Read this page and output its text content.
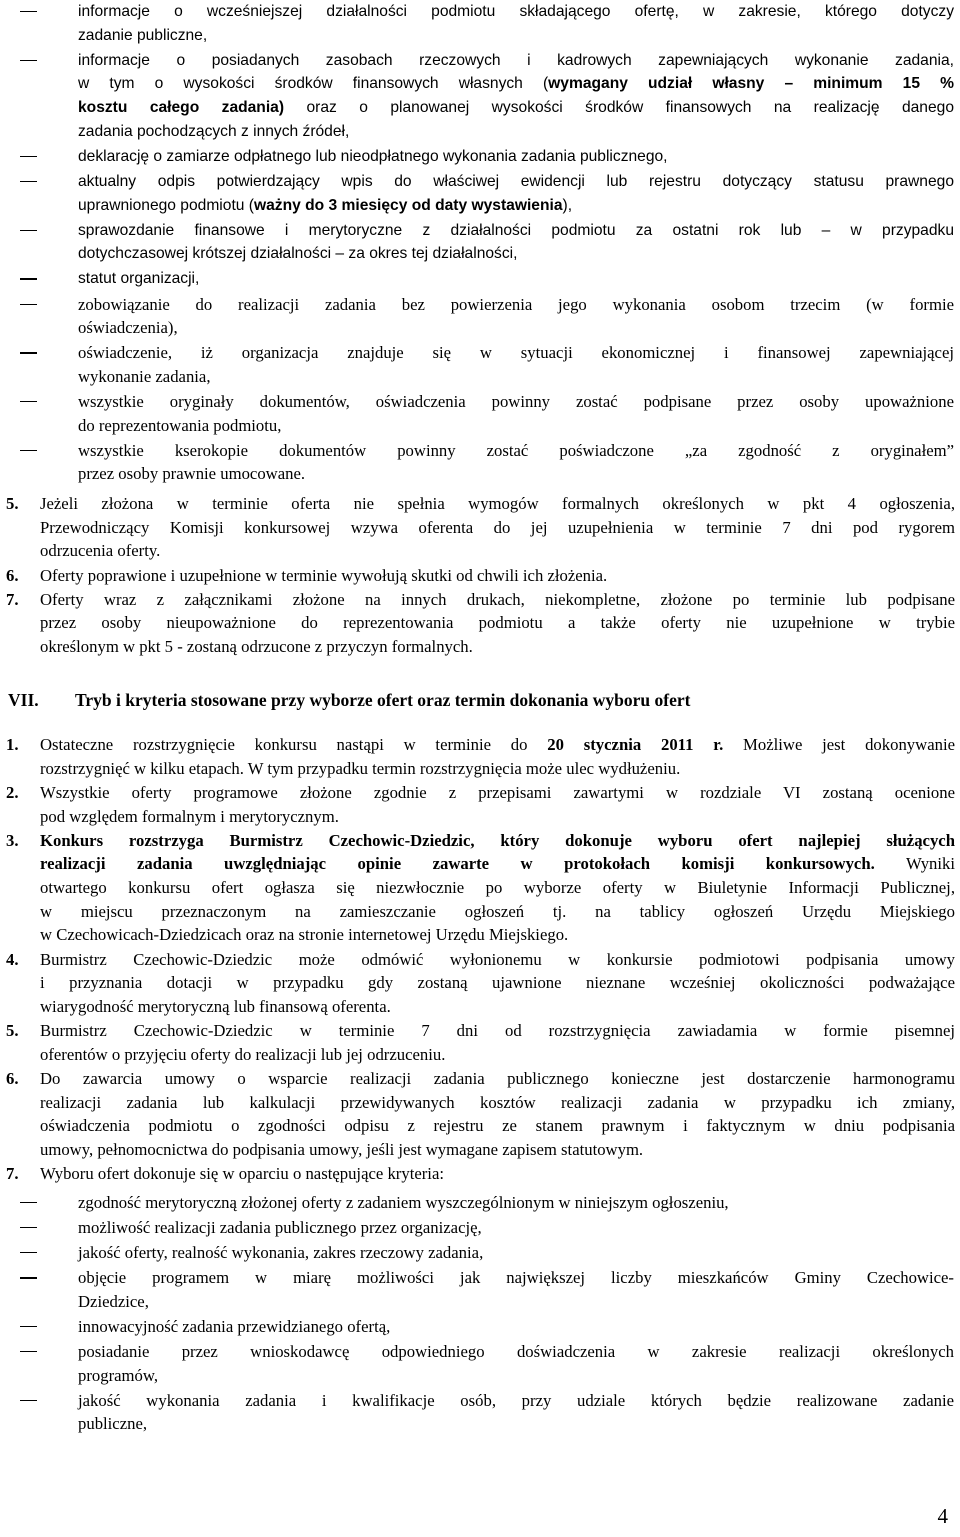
informacje o wcześniejszej działalności podmiotu składającego ofertę, w zakresie, którego dotyczy
zadanie publiczne,
informacje o posiadanych zasobach rzeczowych i kadrowych zapewniających wykonanie zadania,
w tym o wysokości środków finansowych własnych (wymagany udział własny – minimum 15 %
kosztu całego zadania) oraz o planowanej wysokości środków finansowych na realizację danego
zadania pochodzących z innych źródeł,
deklarację o zamiarze odpłatnego lub nieodpłatnego wykonania zadania publicznego,
aktualny odpis potwierdzający wpis do właściwej ewidencji lub rejestru dotyczący statusu prawnego
uprawnionego podmiotu (ważny do 3 miesięcy od daty wystawienia),
sprawozdanie finansowe i merytoryczne z działalności podmiotu za ostatni rok lub – w przypadku
dotychczasowej krótszej działalności – za okres tej działalności,
statut organizacji,
zobowiązanie do realizacji zadania bez powierzenia jego wykonania osobom trzecim (w formie
oświadczenia),
oświadczenie, iż organizacja znajduje się w sytuacji ekonomicznej i finansowej zapewniającej
wykonanie zadania,
wszystkie oryginały dokumentów, oświadczenia powinny zostać podpisane przez osoby upoważnione
do reprezentowania podmiotu,
wszystkie kserokopie dokumentów powinny zostać poświadczone „za zgodność z oryginałem”
przez osoby prawnie umocowane.
5. Jeżeli złożona w terminie oferta nie spełnia wymogów formalnych określonych w pkt 4 ogłoszenia,
Przewodniczący Komisji konkursowej wzywa oferenta do jej uzupełnienia w terminie 7 dni pod rygorem
odrzucenia oferty.
6. Oferty poprawione i uzupełnione w terminie wywołują skutki od chwili ich złożenia.
7. Oferty wraz z załącznikami złożone na innych drukach, niekompletne, złożone po terminie lub podpisane
przez osoby nieupoważnione do reprezentowania podmiotu a także oferty nie uzupełnione w trybie
określonym w pkt 5 - zostaną odrzucone z przyczyn formalnych.
VII. Tryb i kryteria stosowane przy wyborze ofert oraz termin dokonania wyboru ofert
1. Ostateczne rozstrzygnięcie konkursu nastąpi w terminie do 20 stycznia 2011 r. Możliwe jest dokonywanie
rozstrzygnięć w kilku etapach. W tym przypadku termin rozstrzygnięcia może ulec wydłużeniu.
2. Wszystkie oferty programowe złożone zgodnie z przepisami zawartymi w rozdziale VI zostaną ocenione
pod względem formalnym i merytorycznym.
3. Konkurs rozstrzyga Burmistrz Czechowic-Dziedzic, który dokonuje wyboru ofert najlepiej służących
realizacji zadania uwzględniając opinie zawarte w protokołach komisji konkursowych. Wyniki
otwartego konkursu ofert ogłasza się niezwłocznie po wyborze oferty w Biuletynie Informacji Publicznej,
w miejscu przeznaczonym na zamieszczanie ogłoszeń tj. na tablicy ogłoszeń Urzędu Miejskiego
w Czechowicach-Dziedzicach oraz na stronie internetowej Urzędu Miejskiego.
4. Burmistrz Czechowic-Dziedzic może odmówić wyłonionemu w konkursie podmiotowi podpisania umowy
i przyznania dotacji w przypadku gdy zostaną ujawnione nieznane wcześniej okoliczności podważające
wiarygodność merytoryczną lub finansową oferenta.
5. Burmistrz Czechowic-Dziedzic w terminie 7 dni od rozstrzygnięcia zawiadamia w formie pisemnej
oferentów o przyjęciu oferty do realizacji lub jej odrzuceniu.
6. Do zawarcia umowy o wsparcie realizacji zadania publicznego konieczne jest dostarczenie harmonogramu
realizacji zadania lub kalkulacji przewidywanych kosztów realizacji zadania w przypadku ich zmiany,
oświadczenia podmiotu o zgodności odpisu z rejestru ze stanem prawnym i faktycznym w dniu podpisania
umowy, pełnomocnictwa do podpisania umowy, jeśli jest wymagane zapisem statutowym.
7. Wyboru ofert dokonuje się w oparciu o następujące kryteria:
zgodność merytoryczną złożonej oferty z zadaniem wyszczególnionym w niniejszym ogłoszeniu,
możliwość realizacji zadania publicznego przez organizację,
jakość oferty, realność wykonania, zakres rzeczowy zadania,
objęcie programem w miarę możliwości jak największej liczby mieszkańców Gminy Czechowice-
Dziedzice,
innowacyjność zadania przewidzianego ofertą,
posiadanie przez wnioskodawcę odpowiedniego doświadczenia w zakresie realizacji określonych
programów,
jakość wykonania zadania i kwalifikacje osób, przy udziale których będzie realizowane zadanie
publiczne,
4
